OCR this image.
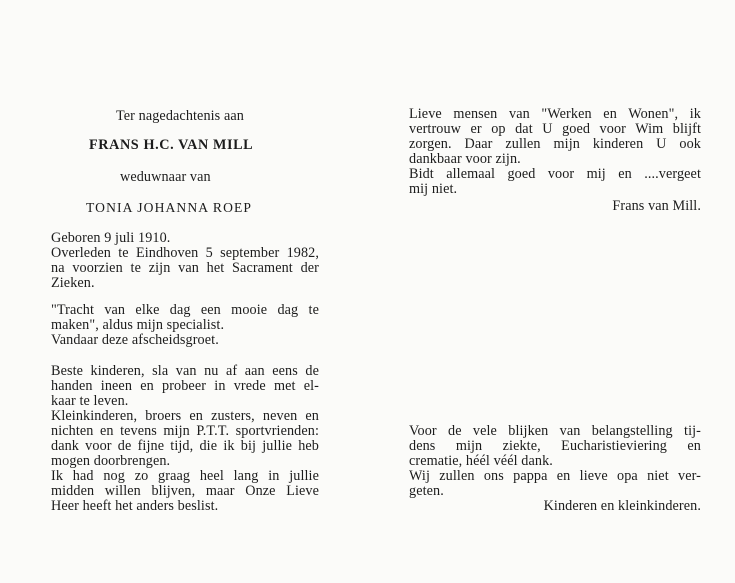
Ter nagedachtenis aan
FRANS H.C. VAN MILL
weduwnaar van
TONIA JOHANNA ROEP
Geboren 9 juli 1910.
Overleden te Eindhoven 5 september 1982,
na voorzien te zijn van het Sacrament der
Zieken.
"Tracht van elke dag een mooie dag te
maken", aldus mijn specialist.
Vandaar deze afscheidsgroet.
Beste kinderen, sla van nu af aan eens de
handen ineen en probeer in vrede met el-
kaar te leven.
Kleinkinderen, broers en zusters, neven en
nichten en tevens mijn P.T.T. sportvrienden:
dank voor de fijne tijd, die ik bij jullie heb
mogen doorbrengen.
Ik had nog zo graag heel lang in jullie
midden willen blijven, maar Onze Lieve
Heer heeft het anders beslist.
Lieve mensen van "Werken en Wonen", ik
vertrouw er op dat U goed voor Wim blijft
zorgen. Daar zullen mijn kinderen U ook
dankbaar voor zijn.
Bidt allemaal goed voor mij en ....vergeet
mij niet.
Frans van Mill.
Voor de vele blijken van belangstelling tij-
dens mijn ziekte, Eucharistieviering en
crematie, héél véél dank.
Wij zullen ons pappa en lieve opa niet ver-
geten.
Kinderen en kleinkinderen.
